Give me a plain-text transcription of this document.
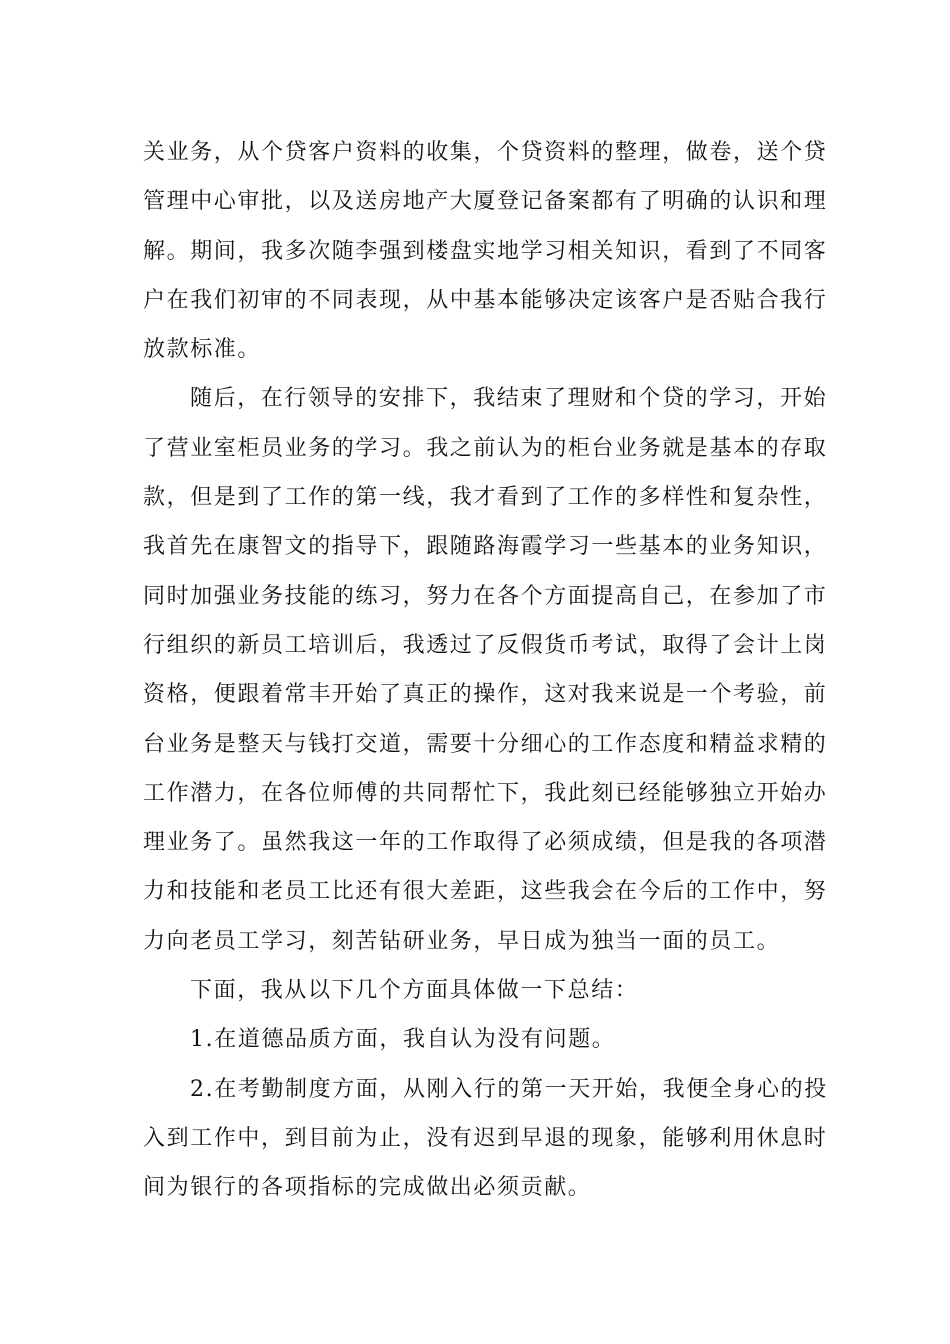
关业务，从个贷客户资料的收集，个贷资料的整理，做卷，送个贷
管理中心审批，以及送房地产大厦登记备案都有了明确的认识和理
解。期间，我多次随李强到楼盘实地学习相关知识，看到了不同客
户在我们初审的不同表现，从中基本能够决定该客户是否贴合我行
放款标准。

随后，在行领导的安排下，我结束了理财和个贷的学习，开始
了营业室柜员业务的学习。我之前认为的柜台业务就是基本的存取
款，但是到了工作的第一线，我才看到了工作的多样性和复杂性，
我首先在康智文的指导下，跟随路海霞学习一些基本的业务知识，
同时加强业务技能的练习，努力在各个方面提高自己，在参加了市
行组织的新员工培训后，我透过了反假货币考试，取得了会计上岗
资格，便跟着常丰开始了真正的操作，这对我来说是一个考验，前
台业务是整天与钱打交道，需要十分细心的工作态度和精益求精的
工作潜力，在各位师傅的共同帮忙下，我此刻已经能够独立开始办
理业务了。虽然我这一年的工作取得了必须成绩，但是我的各项潜
力和技能和老员工比还有很大差距，这些我会在今后的工作中，努
力向老员工学习，刻苦钻研业务，早日成为独当一面的员工。

下面，我从以下几个方面具体做一下总结：

1.在道德品质方面，我自认为没有问题。

2.在考勤制度方面，从刚入行的第一天开始，我便全身心的投
入到工作中，到目前为止，没有迟到早退的现象，能够利用休息时
间为银行的各项指标的完成做出必须贡献。
